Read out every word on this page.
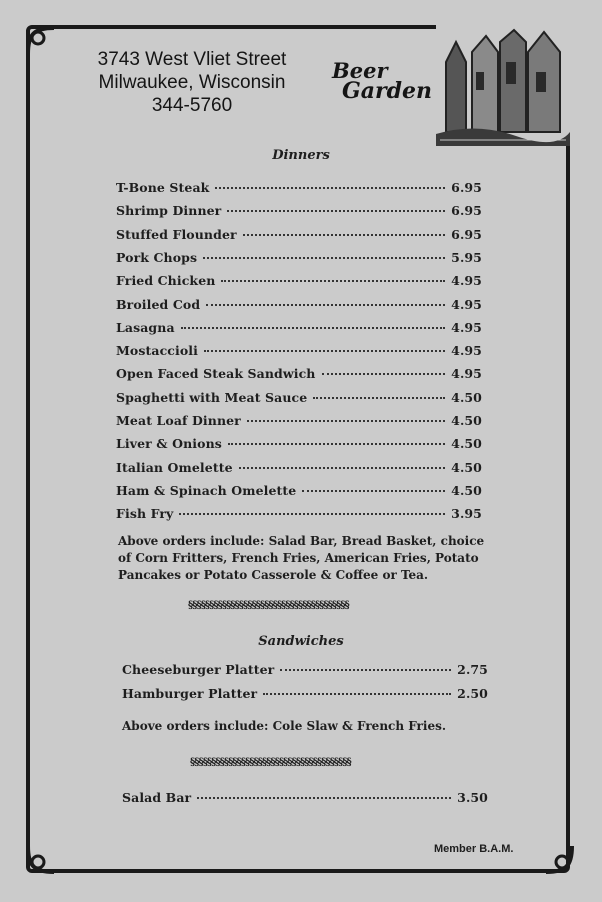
3743 West Vliet Street
Milwaukee, Wisconsin
344-5760
Beer
Garden
Dinners
T-Bone Steak	6.95
Shrimp Dinner	6.95
Stuffed Flounder	6.95
Pork Chops	5.95
Fried Chicken	4.95
Broiled Cod	4.95
Lasagna	4.95
Mostaccioli	4.95
Open Faced Steak Sandwich	4.95
Spaghetti with Meat Sauce	4.50
Meat Loaf Dinner	4.50
Liver & Onions	4.50
Italian Omelette	4.50
Ham & Spinach Omelette	4.50
Fish Fry	3.95
Above orders include: Salad Bar, Bread Basket, choice of Corn Fritters, French Fries, American Fries, Potato Pancakes or Potato Casserole & Coffee or Tea.
§§§§§§§§§§§§§§§§§§§§§§§§§§§§§§§§§§§§§§
Sandwiches
Cheeseburger Platter	2.75
Hamburger Platter	2.50
Above orders include: Cole Slaw & French Fries.
§§§§§§§§§§§§§§§§§§§§§§§§§§§§§§§§§§§§§§
Salad Bar	3.50
Member B.A.M.
